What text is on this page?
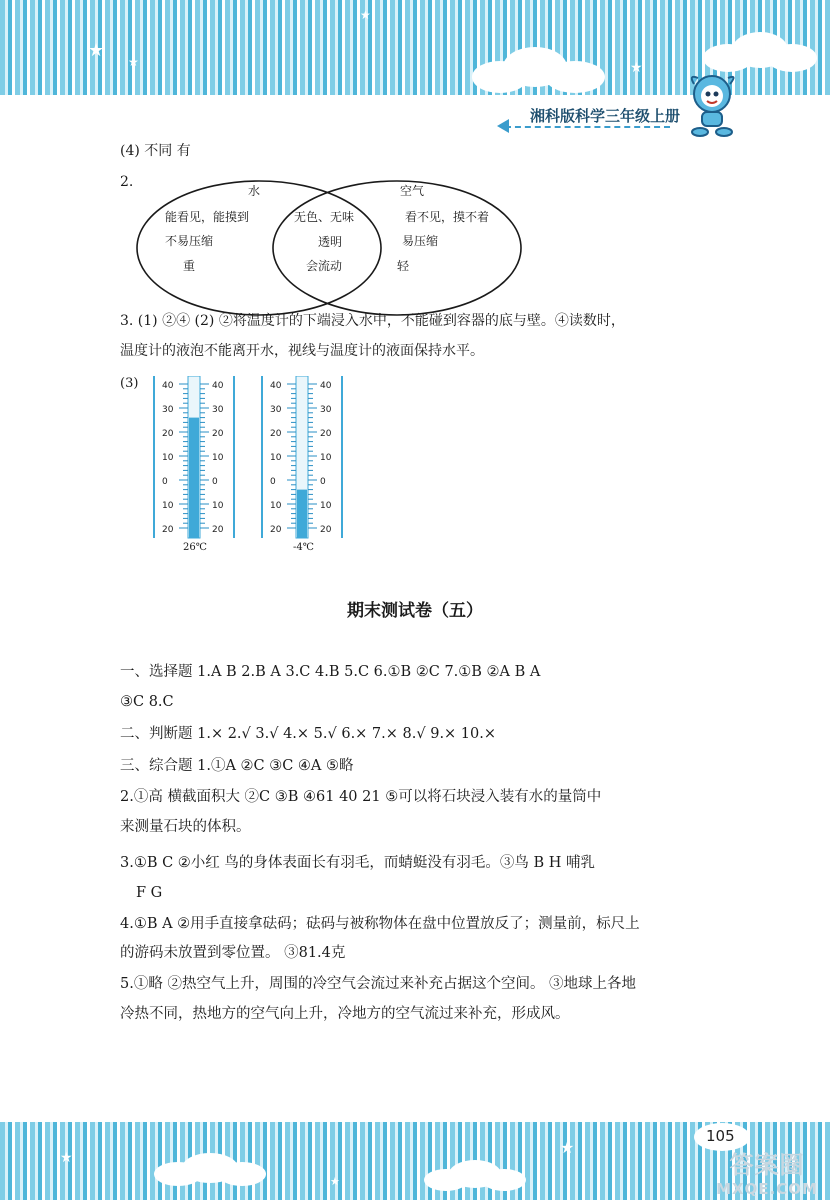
★
★	★
★
湘科版科学三年级上册
(4) 不同 有
2.
水	空气
能看见，能摸到
不易压缩
重
无色、无味
透明
会流动
看不见，摸不着
易压缩
轻
3. (1) ②④ (2) ②将温度计的下端浸入水中，不能碰到容器的底与壁。④读数时，
温度计的液泡不能离开水，视线与温度计的液面保持水平。
(3)	40	40
30	30
20	20
10	10
0	0
10	10
20	20
40	40
30	30
20	20
10	10
0	0
10	10
20	20
26℃	-4℃
期末测试卷（五）
一、选择题 1.A B 2.B A 3.C 4.B 5.C 6.①B ②C 7.①B ②A B A
③C 8.C
二、判断题 1.× 2.√ 3.√ 4.× 5.√ 6.× 7.× 8.√ 9.× 10.×
三、综合题 1.①A ②C ③C ④A ⑤略
2.①高 横截面积大 ②C ③B ④61 40 21 ⑤可以将石块浸入装有水的量筒中
来测量石块的体积。
3.①B C ②小红 鸟的身体表面长有羽毛，而蜻蜓没有羽毛。③鸟 B H 哺乳
F G
4.①B A ②用手直接拿砝码；砝码与被称物体在盘中位置放反了；测量前，标尺上
的游码未放置到零位置。 ③81.4克
5.①略 ②热空气上升，周围的冷空气会流过来补充占据这个空间。 ③地球上各地
冷热不同，热地方的空气向上升，冷地方的空气流过来补充，形成风。
★
★
★
105
答案圈
MXQE.COM
